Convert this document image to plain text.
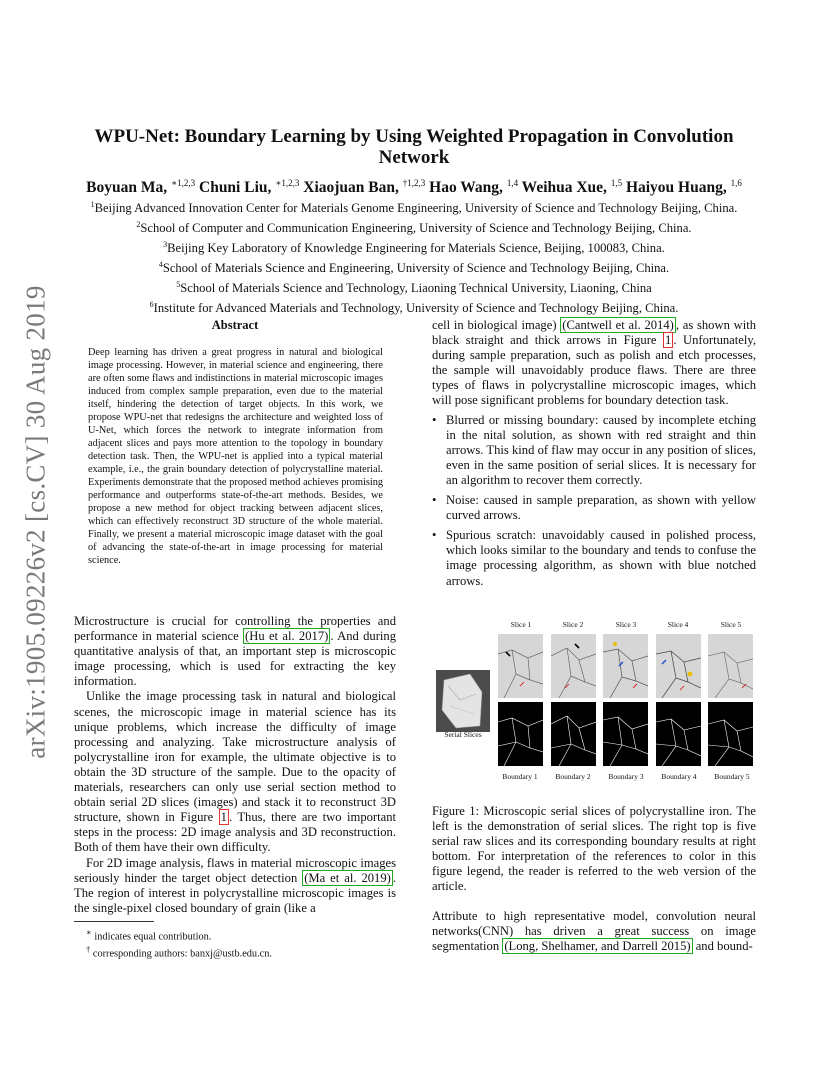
arXiv:1905.09226v2 [cs.CV] 30 Aug 2019
WPU-Net: Boundary Learning by Using Weighted Propagation in Convolution Network
Boyuan Ma, $^{∗1,2,3}$ Chuni Liu, $^{∗1,2,3}$ Xiaojuan Ban, $^{\dagger 1,2,3}$ Hao Wang, $^{1,4}$ Weihua Xue, $^{1,5}$ Haiyou Huang, $^{1,6}$
$^1$Beijing Advanced Innovation Center for Materials Genome Engineering, University of Science and Technology Beijing, China.
$^2$School of Computer and Communication Engineering, University of Science and Technology Beijing, China.
$^3$Beijing Key Laboratory of Knowledge Engineering for Materials Science, Beijing, 100083, China.
$^4$School of Materials Science and Engineering, University of Science and Technology Beijing, China.
$^5$School of Materials Science and Technology, Liaoning Technical University, Liaoning, China
$^6$Institute for Advanced Materials and Technology, University of Science and Technology Beijing, China.
Abstract
Deep learning has driven a great progress in natural and biological image processing. However, in material science and engineering, there are often some flaws and indistinctions in material microscopic images induced from complex sample preparation, even due to the material itself, hindering the detection of target objects. In this work, we propose WPU-net that redesigns the architecture and weighted loss of U-Net, which forces the network to integrate information from adjacent slices and pays more attention to the topology in boundary detection task. Then, the WPU-net is applied into a typical material example, i.e., the grain boundary detection of polycrystalline material. Experiments demonstrate that the proposed method achieves promising performance and outperforms state-of-the-art methods. Besides, we propose a new method for object tracking between adjacent slices, which can effectively reconstruct 3D structure of the whole material. Finally, we present a material microscopic image dataset with the goal of advancing the state-of-the-art in image processing for material science.

Microstructure is crucial for controlling the properties and performance in material science (Hu et al. 2017) . And during quantitative analysis of that, an important step is microscopic image processing, which is used for extracting the key information.

Unlike the image processing task in natural and biological scenes, the microscopic image in material science has its unique problems, which increase the difficulty of image processing and analyzing. Take microstructure analysis of polycrystalline iron for example, the ultimate objective is to obtain the 3D structure of the sample. Due to the opacity of materials, researchers can only use serial section method to obtain serial 2D slices (images) and stack it to reconstruct 3D structure, shown in Figure 1 . Thus, there are two important steps in the process: 2D image analysis and 3D reconstruction. Both of them have their own difficulty.

For 2D image analysis, flaws in material microscopic images seriously hinder the target object detection (Ma et al. 2019) . The region of interest in polycrystalline microscopic images is the single-pixel closed boundary of grain (like a

∗ indicates equal contribution.
† corresponding authors: banxj@ustb.edu.cn.

cell in biological image) (Cantwell et al. 2014) , as shown with black straight and thick arrows in Figure 1 . Unfortunately, during sample preparation, such as polish and etch processes, the sample will unavoidably produce flaws. There are three types of flaws in polycrystalline microscopic images, which will pose significant problems for boundary detection task.

• Blurred or missing boundary: caused by incomplete etching in the nital solution, as shown with red straight and thin arrows. This kind of flaw may occur in any position of slices, even in the same position of serial slices. It is necessary for an algorithm to recover them correctly.
• Noise: caused in sample preparation, as shown with yellow curved arrows.
• Spurious scratch: unavoidably caused in polished process, which looks similar to the boundary and tends to confuse the image processing algorithm, as shown with blue notched arrows.
Serial Slices
Slice 1	Slice 2	Slice 3	Slice 4	Slice 5
Boundary 1	Boundary 2	Boundary 3	Boundary 4	Boundary 5
Figure 1: Microscopic serial slices of polycrystalline iron. The left is the demonstration of serial slices. The right top is five serial raw slices and its corresponding boundary results at right bottom. For interpretation of the references to color in this figure legend, the reader is referred to the web version of the article.
Attribute to high representative model, convolution neural networks(CNN) has driven a great success on image segmentation (Long, Shelhamer, and Darrell 2015) and bound-
